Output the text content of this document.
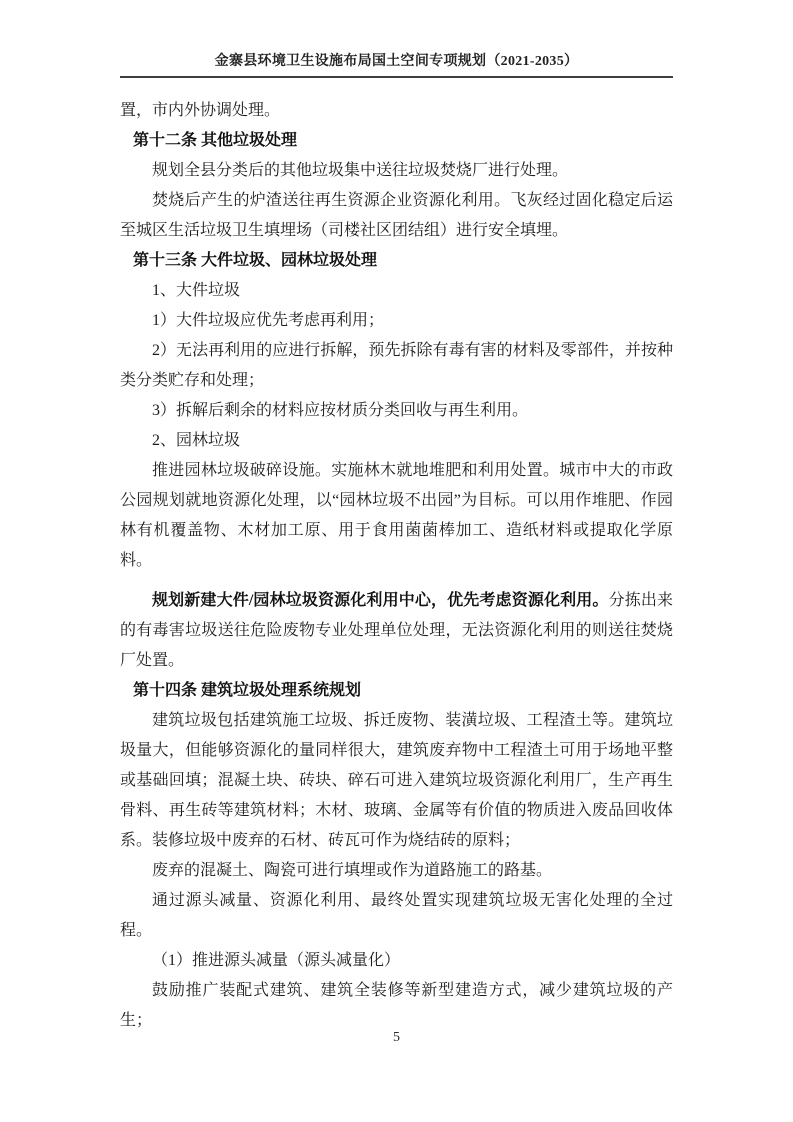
金寨县环境卫生设施布局国土空间专项规划（2021-2035）

置，市内外协调处理。

第十二条 其他垃圾处理

规划全县分类后的其他垃圾集中送往垃圾焚烧厂进行处理。

焚烧后产生的炉渣送往再生资源企业资源化利用。飞灰经过固化稳定后运至城区生活垃圾卫生填埋场（司楼社区团结组）进行安全填埋。

第十三条 大件垃圾、园林垃圾处理

1、大件垃圾

1）大件垃圾应优先考虑再利用；

2）无法再利用的应进行拆解，预先拆除有毒有害的材料及零部件，并按种类分类贮存和处理；

3）拆解后剩余的材料应按材质分类回收与再生利用。

2、园林垃圾

推进园林垃圾破碎设施。实施林木就地堆肥和利用处置。城市中大的市政公园规划就地资源化处理，以“园林垃圾不出园”为目标。可以用作堆肥、作园林有机覆盖物、木材加工原、用于食用菌菌棒加工、造纸材料或提取化学原料。

规划新建大件/园林垃圾资源化利用中心，优先考虑资源化利用。分拣出来的有毒害垃圾送往危险废物专业处理单位处理，无法资源化利用的则送往焚烧厂处置。

第十四条 建筑垃圾处理系统规划

建筑垃圾包括建筑施工垃圾、拆迁废物、装潢垃圾、工程渣土等。建筑垃圾量大，但能够资源化的量同样很大，建筑废弃物中工程渣土可用于场地平整或基础回填；混凝土块、砖块、碎石可进入建筑垃圾资源化利用厂，生产再生骨料、再生砖等建筑材料；木材、玻璃、金属等有价值的物质进入废品回收体系。装修垃圾中废弃的石材、砖瓦可作为烧结砖的原料；

废弃的混凝土、陶瓷可进行填埋或作为道路施工的路基。

通过源头减量、资源化利用、最终处置实现建筑垃圾无害化处理的全过程。

（1）推进源头减量（源头减量化）

鼓励推广装配式建筑、建筑全装修等新型建造方式，减少建筑垃圾的产生；

5
